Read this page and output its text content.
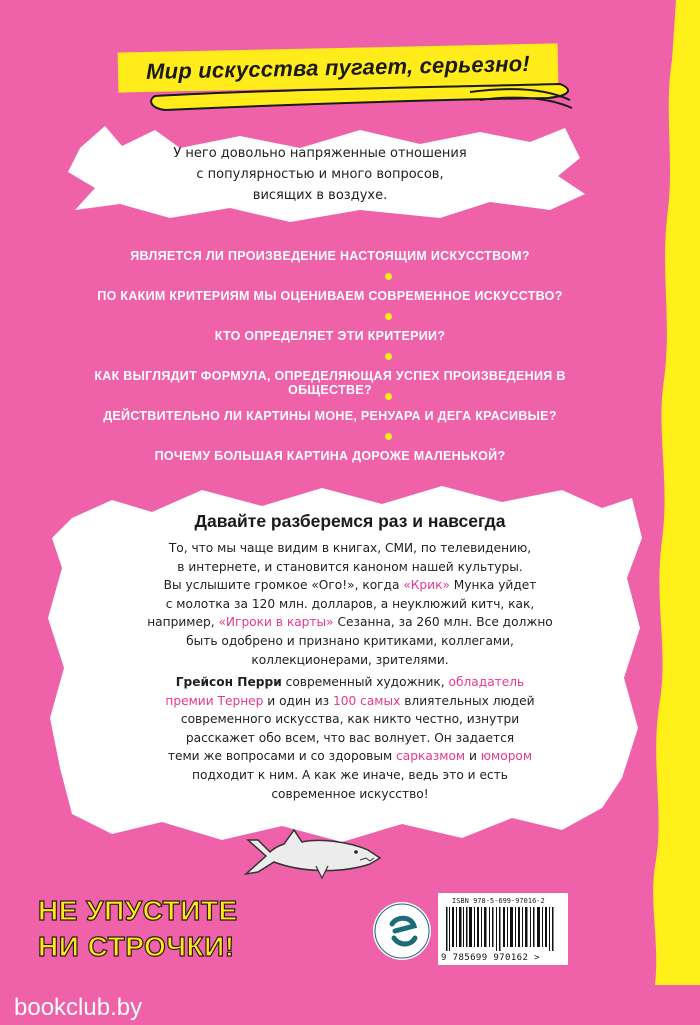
Мир искусства пугает, серьезно!
У него довольно напряженные отношения
с популярностью и много вопросов,
висящих в воздухе.
ЯВЛЯЕТСЯ ЛИ ПРОИЗВЕДЕНИЕ НАСТОЯЩИМ ИСКУССТВОМ?
ПО КАКИМ КРИТЕРИЯМ МЫ ОЦЕНИВАЕМ СОВРЕМЕННОЕ ИСКУССТВО?
КТО ОПРЕДЕЛЯЕТ ЭТИ КРИТЕРИИ?
КАК ВЫГЛЯДИТ ФОРМУЛА, ОПРЕДЕЛЯЮЩАЯ УСПЕХ ПРОИЗВЕДЕНИЯ В ОБЩЕСТВЕ?
ДЕЙСТВИТЕЛЬНО ЛИ КАРТИНЫ МОНЕ, РЕНУАРА И ДЕГА КРАСИВЫЕ?
ПОЧЕМУ БОЛЬШАЯ КАРТИНА ДОРОЖЕ МАЛЕНЬКОЙ?
Давайте разберемся раз и навсегда
То, что мы чаще видим в книгах, СМИ, по телевидению,
в интернете, и становится каноном нашей культуры.
Вы услышите громкое «Ого!», когда «Крик» Мунка уйдет
с молотка за 120 млн. долларов, а неуклюжий китч, как,
например, «Игроки в карты» Сезанна, за 260 млн. Все должно
быть одобрено и признано критиками, коллегами,
коллекционерами, зрителями.
Грейсон Перри современный художник, обладатель
премии Тернер и один из 100 самых влиятельных людей
современного искусства, как никто честно, изнутри
расскажет обо всем, что вас волнует. Он задается
теми же вопросами и со здоровым сарказмом и юмором
подходит к ним. А как же иначе, ведь это и есть
современное искусство!
НЕ УПУСТИТЕ
НИ СТРОЧКИ!
ISBN 978-5-699-97016-2
9 785699 970162 >
bookclub.by
